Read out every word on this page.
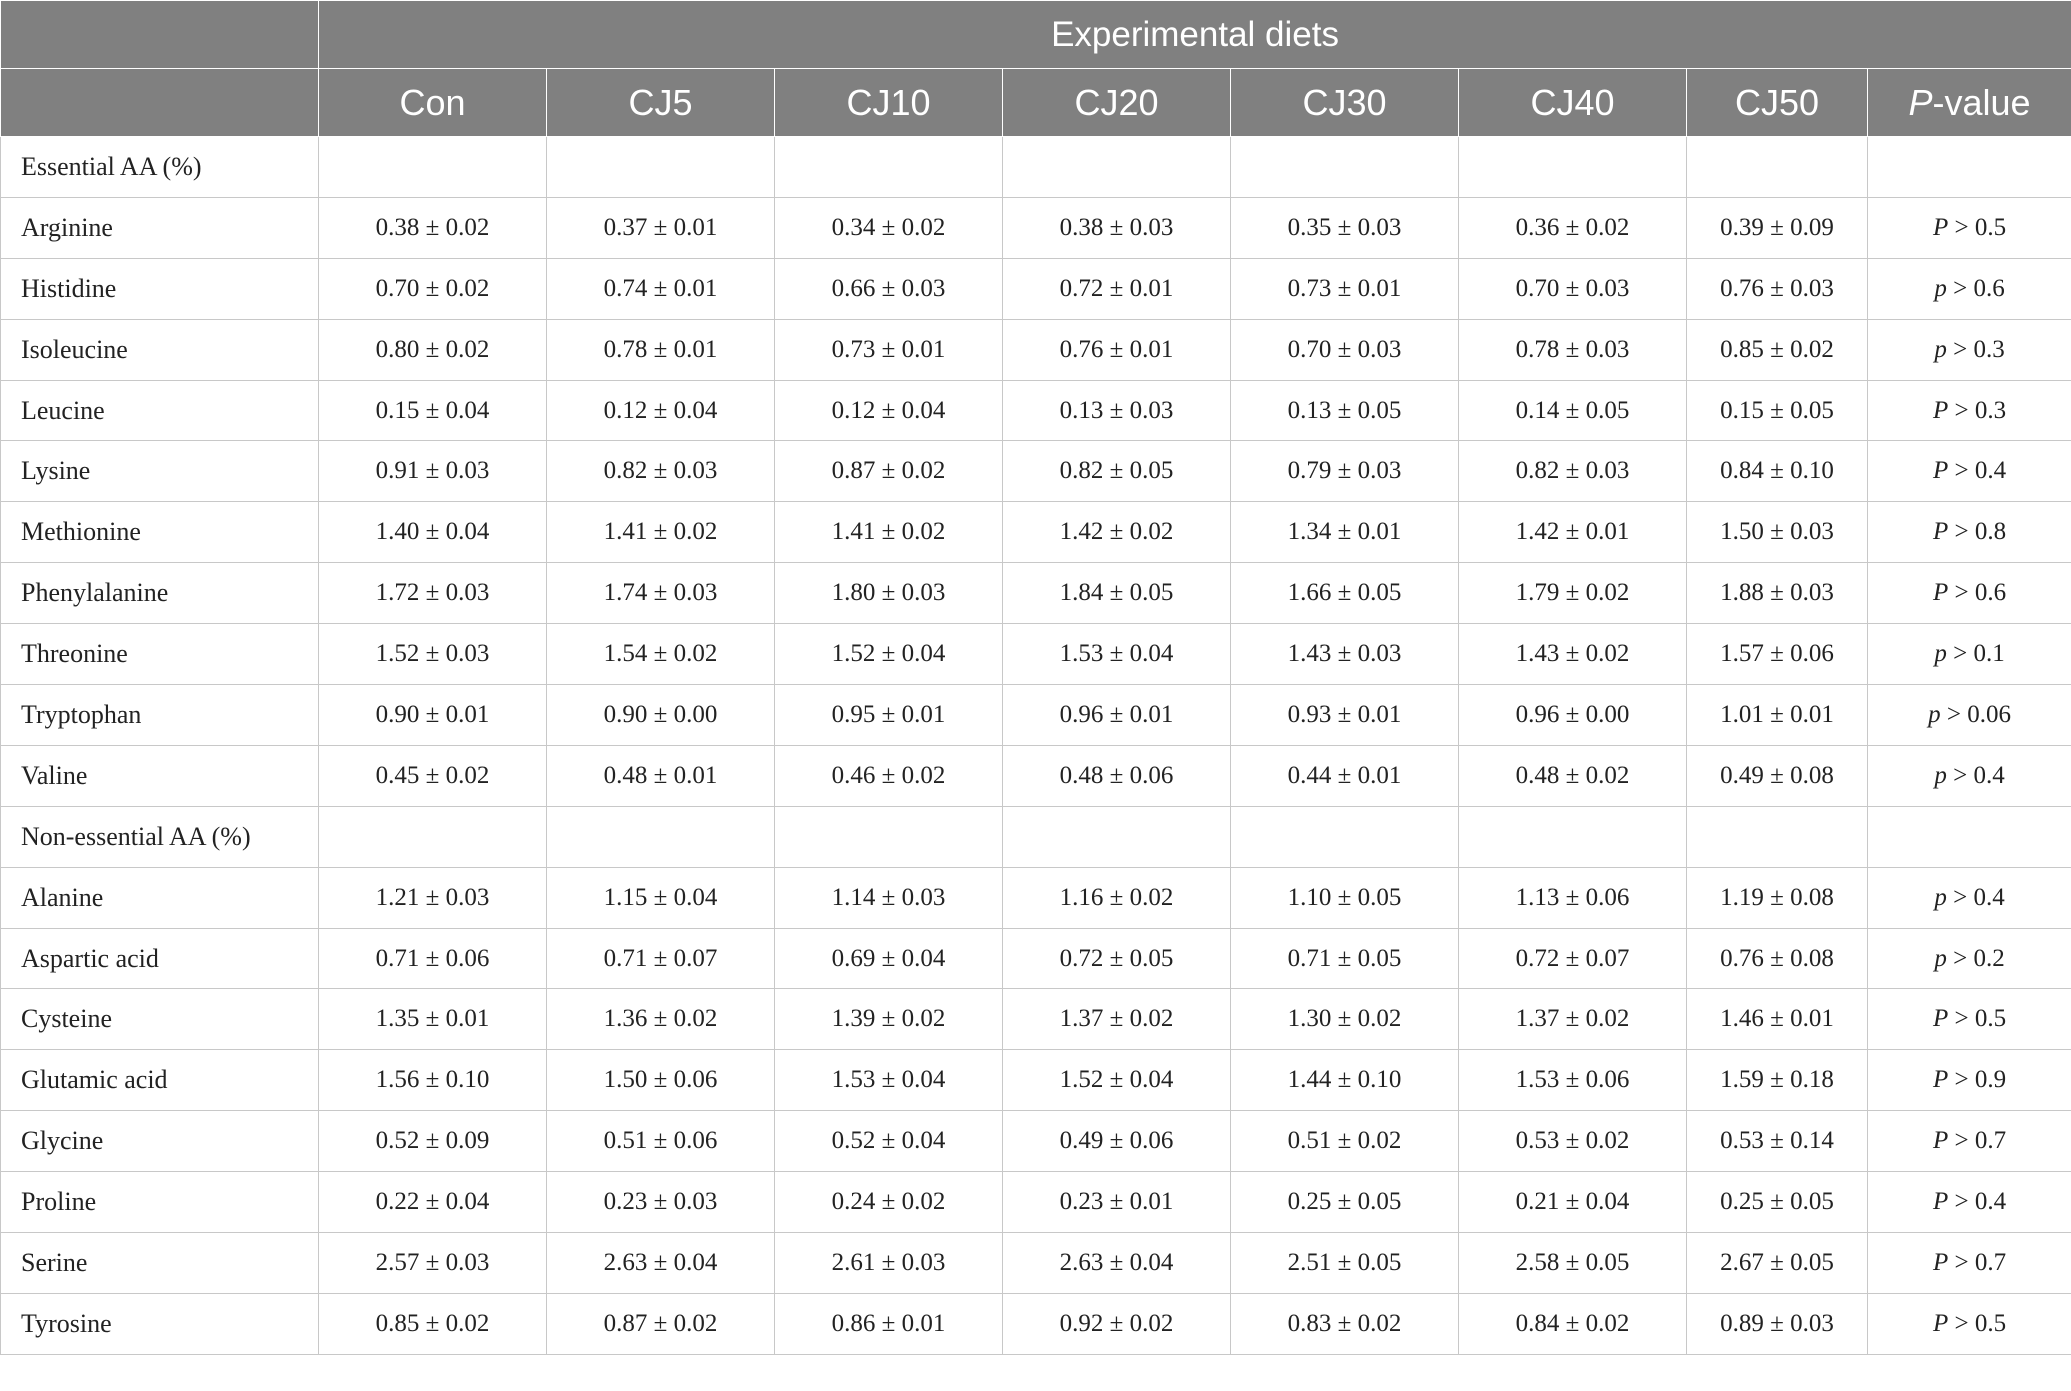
	Experimental diets							
	Con	CJ5	CJ10	CJ20	CJ30	CJ40	CJ50	P-value
Essential AA (%)								
Arginine	0.38 ± 0.02	0.37 ± 0.01	0.34 ± 0.02	0.38 ± 0.03	0.35 ± 0.03	0.36 ± 0.02	0.39 ± 0.09	P > 0.5
Histidine	0.70 ± 0.02	0.74 ± 0.01	0.66 ± 0.03	0.72 ± 0.01	0.73 ± 0.01	0.70 ± 0.03	0.76 ± 0.03	p > 0.6
Isoleucine	0.80 ± 0.02	0.78 ± 0.01	0.73 ± 0.01	0.76 ± 0.01	0.70 ± 0.03	0.78 ± 0.03	0.85 ± 0.02	p > 0.3
Leucine	0.15 ± 0.04	0.12 ± 0.04	0.12 ± 0.04	0.13 ± 0.03	0.13 ± 0.05	0.14 ± 0.05	0.15 ± 0.05	P > 0.3
Lysine	0.91 ± 0.03	0.82 ± 0.03	0.87 ± 0.02	0.82 ± 0.05	0.79 ± 0.03	0.82 ± 0.03	0.84 ± 0.10	P > 0.4
Methionine	1.40 ± 0.04	1.41 ± 0.02	1.41 ± 0.02	1.42 ± 0.02	1.34 ± 0.01	1.42 ± 0.01	1.50 ± 0.03	P > 0.8
Phenylalanine	1.72 ± 0.03	1.74 ± 0.03	1.80 ± 0.03	1.84 ± 0.05	1.66 ± 0.05	1.79 ± 0.02	1.88 ± 0.03	P > 0.6
Threonine	1.52 ± 0.03	1.54 ± 0.02	1.52 ± 0.04	1.53 ± 0.04	1.43 ± 0.03	1.43 ± 0.02	1.57 ± 0.06	p > 0.1
Tryptophan	0.90 ± 0.01	0.90 ± 0.00	0.95 ± 0.01	0.96 ± 0.01	0.93 ± 0.01	0.96 ± 0.00	1.01 ± 0.01	p > 0.06
Valine	0.45 ± 0.02	0.48 ± 0.01	0.46 ± 0.02	0.48 ± 0.06	0.44 ± 0.01	0.48 ± 0.02	0.49 ± 0.08	p > 0.4
Non-essential AA (%)								
Alanine	1.21 ± 0.03	1.15 ± 0.04	1.14 ± 0.03	1.16 ± 0.02	1.10 ± 0.05	1.13 ± 0.06	1.19 ± 0.08	p > 0.4
Aspartic acid	0.71 ± 0.06	0.71 ± 0.07	0.69 ± 0.04	0.72 ± 0.05	0.71 ± 0.05	0.72 ± 0.07	0.76 ± 0.08	p > 0.2
Cysteine	1.35 ± 0.01	1.36 ± 0.02	1.39 ± 0.02	1.37 ± 0.02	1.30 ± 0.02	1.37 ± 0.02	1.46 ± 0.01	P > 0.5
Glutamic acid	1.56 ± 0.10	1.50 ± 0.06	1.53 ± 0.04	1.52 ± 0.04	1.44 ± 0.10	1.53 ± 0.06	1.59 ± 0.18	P > 0.9
Glycine	0.52 ± 0.09	0.51 ± 0.06	0.52 ± 0.04	0.49 ± 0.06	0.51 ± 0.02	0.53 ± 0.02	0.53 ± 0.14	P > 0.7
Proline	0.22 ± 0.04	0.23 ± 0.03	0.24 ± 0.02	0.23 ± 0.01	0.25 ± 0.05	0.21 ± 0.04	0.25 ± 0.05	P > 0.4
Serine	2.57 ± 0.03	2.63 ± 0.04	2.61 ± 0.03	2.63 ± 0.04	2.51 ± 0.05	2.58 ± 0.05	2.67 ± 0.05	P > 0.7
Tyrosine	0.85 ± 0.02	0.87 ± 0.02	0.86 ± 0.01	0.92 ± 0.02	0.83 ± 0.02	0.84 ± 0.02	0.89 ± 0.03	P > 0.5
